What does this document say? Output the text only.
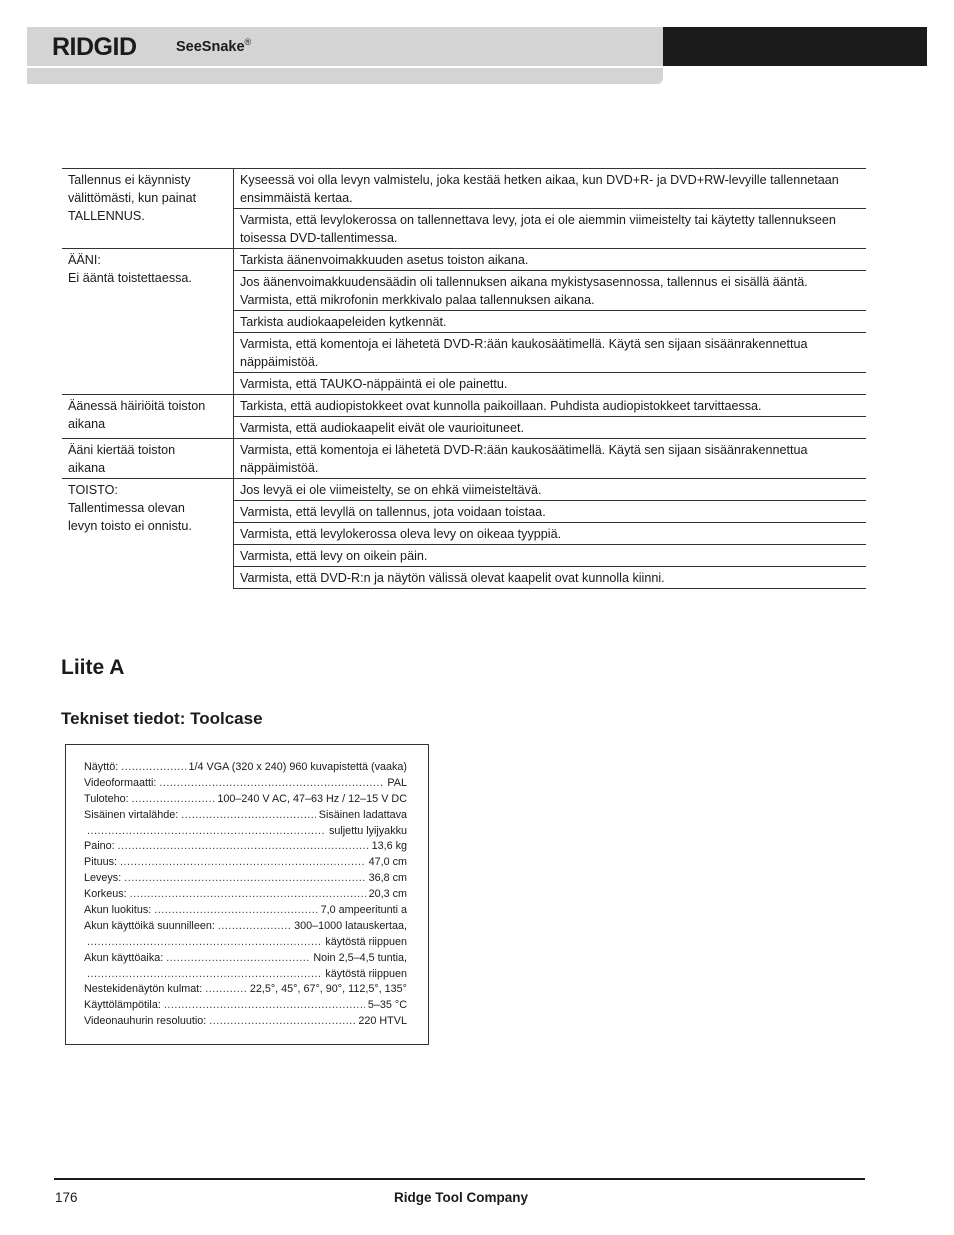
RIDGID	SeeSnake®
Tallennus ei käynnisty
välittömästi, kun painat
TALLENNUS.	Kyseessä voi olla levyn valmistelu, joka kestää hetken aikaa, kun DVD+R- ja DVD+RW-levyille tallennetaan ensimmäistä kertaa.
	Varmista, että levylokerossa on tallennettava levy, jota ei ole aiemmin viimeistelty tai käytetty tallennukseen toisessa DVD-tallentimessa.

ÄÄNI:
Ei ääntä toistettaessa.	Tarkista äänenvoimakkuuden asetus toiston aikana.
	Jos äänenvoimakkuudensäädin oli tallennuksen aikana mykistysasennossa, tallennus ei sisällä ääntä. Varmista, että mikrofonin merkkivalo palaa tallennuksen aikana.
	Tarkista audiokaapeleiden kytkennät.
	Varmista, että komentoja ei lähetetä DVD-R:ään kaukosäätimellä. Käytä sen sijaan sisäänrakennettua näppäimistöä.
	Varmista, että TAUKO-näppäintä ei ole painettu.

Äänessä häiriöitä toiston
aikana	Tarkista, että audiopistokkeet ovat kunnolla paikoillaan. Puhdista audiopistokkeet tarvittaessa.
	Varmista, että audiokaapelit eivät ole vaurioituneet.

Ääni kiertää toiston
aikana	Varmista, että komentoja ei lähetetä DVD-R:ään kaukosäätimellä. Käytä sen sijaan sisäänrakennettua näppäimistöä.

TOISTO:
Tallentimessa olevan
levyn toisto ei onnistu.	Jos levyä ei ole viimeistelty, se on ehkä viimeisteltävä.
	Varmista, että levyllä on tallennus, jota voidaan toistaa.
	Varmista, että levylokerossa oleva levy on oikeaa tyyppiä.
	Varmista, että levy on oikein päin.
	Varmista, että DVD-R:n ja näytön välissä olevat kaapelit ovat kunnolla kiinni.
Liite A
Tekniset tiedot: Toolcase
Näyttö: .....	1/4 VGA (320 x 240) 960 kuvapistettä (vaaka)
Videoformaatti: .....	PAL
Tuloteho: .....	100–240 V AC, 47–63 Hz / 12–15 V DC
Sisäinen virtalähde: .....	Sisäinen ladattava
.....
suljettu lyijyakku
Paino: .....	13,6 kg
Pituus: .....	47,0 cm
Leveys: .....	36,8 cm
Korkeus: .....	20,3 cm
Akun luokitus: .....	7,0 ampeeritunti a
Akun käyttöikä suunnilleen: .....	300–1000 latauskertaa,
.....
käytöstä riippuen
Akun käyttöaika: .....	Noin 2,5–4,5 tuntia,
.....
käytöstä riippuen
Nestekidenäytön kulmat: .....	22,5°, 45°, 67°, 90°, 112,5°, 135°
Käyttölämpötila: .....	5–35 °C
Videonauhurin resoluutio: .....	220 HTVL
176	Ridge Tool Company
